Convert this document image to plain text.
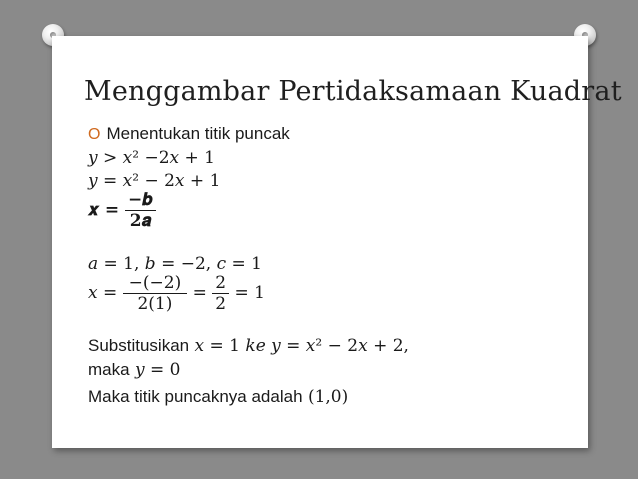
Menggambar Pertidaksamaan Kuadrat
O Menentukan titik puncak
𝑦 > 𝑥² −2𝑥 + 1
𝑦 = 𝑥² − 2𝑥 + 1
𝒙 = $\frac{\text{−𝒃}}{\text{𝟐𝒂}}$
𝑎 = 1, 𝑏 = −2, 𝑐 = 1
𝑥 = $\frac{-(-2)}{2(1)} = \frac{2}{2} = 1$
Substitusikan 𝑥 = 1 𝑘𝑒 𝑦 = 𝑥² − 2𝑥 + 2,
maka 𝑦 = 0
Maka titik puncaknya adalah (1,0)
